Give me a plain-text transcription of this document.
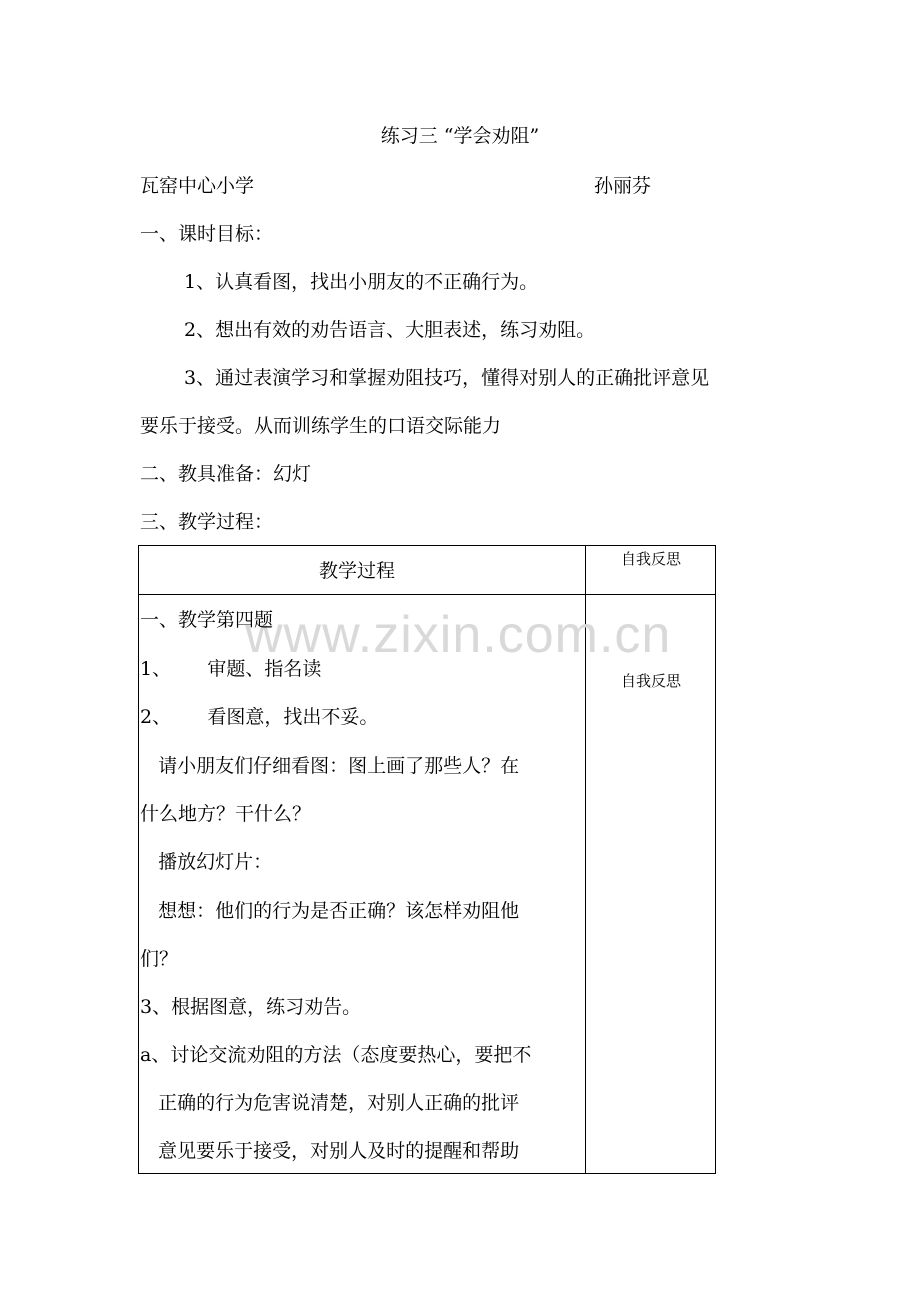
练习三 “学会劝阻”
瓦窑中心小学	孙丽芬
一、课时目标：
1、认真看图，找出小朋友的不正确行为。
2、想出有效的劝告语言、大胆表述，练习劝阻。
3、通过表演学习和掌握劝阻技巧，懂得对别人的正确批评意见
要乐于接受。从而训练学生的口语交际能力
二、教具准备：幻灯
三、教学过程：
教学过程
自我反思
www.zixin.com.cn
一、教学第四题
1、      审题、指名读
2、      看图意，找出不妥。
请小朋友们仔细看图：图上画了那些人？在
什么地方？干什么？
播放幻灯片：
想想：他们的行为是否正确？该怎样劝阻他
们？
3、根据图意，练习劝告。
a、讨论交流劝阻的方法（态度要热心，要把不
正确的行为危害说清楚，对别人正确的批评
意见要乐于接受，对别人及时的提醒和帮助
自我反思
